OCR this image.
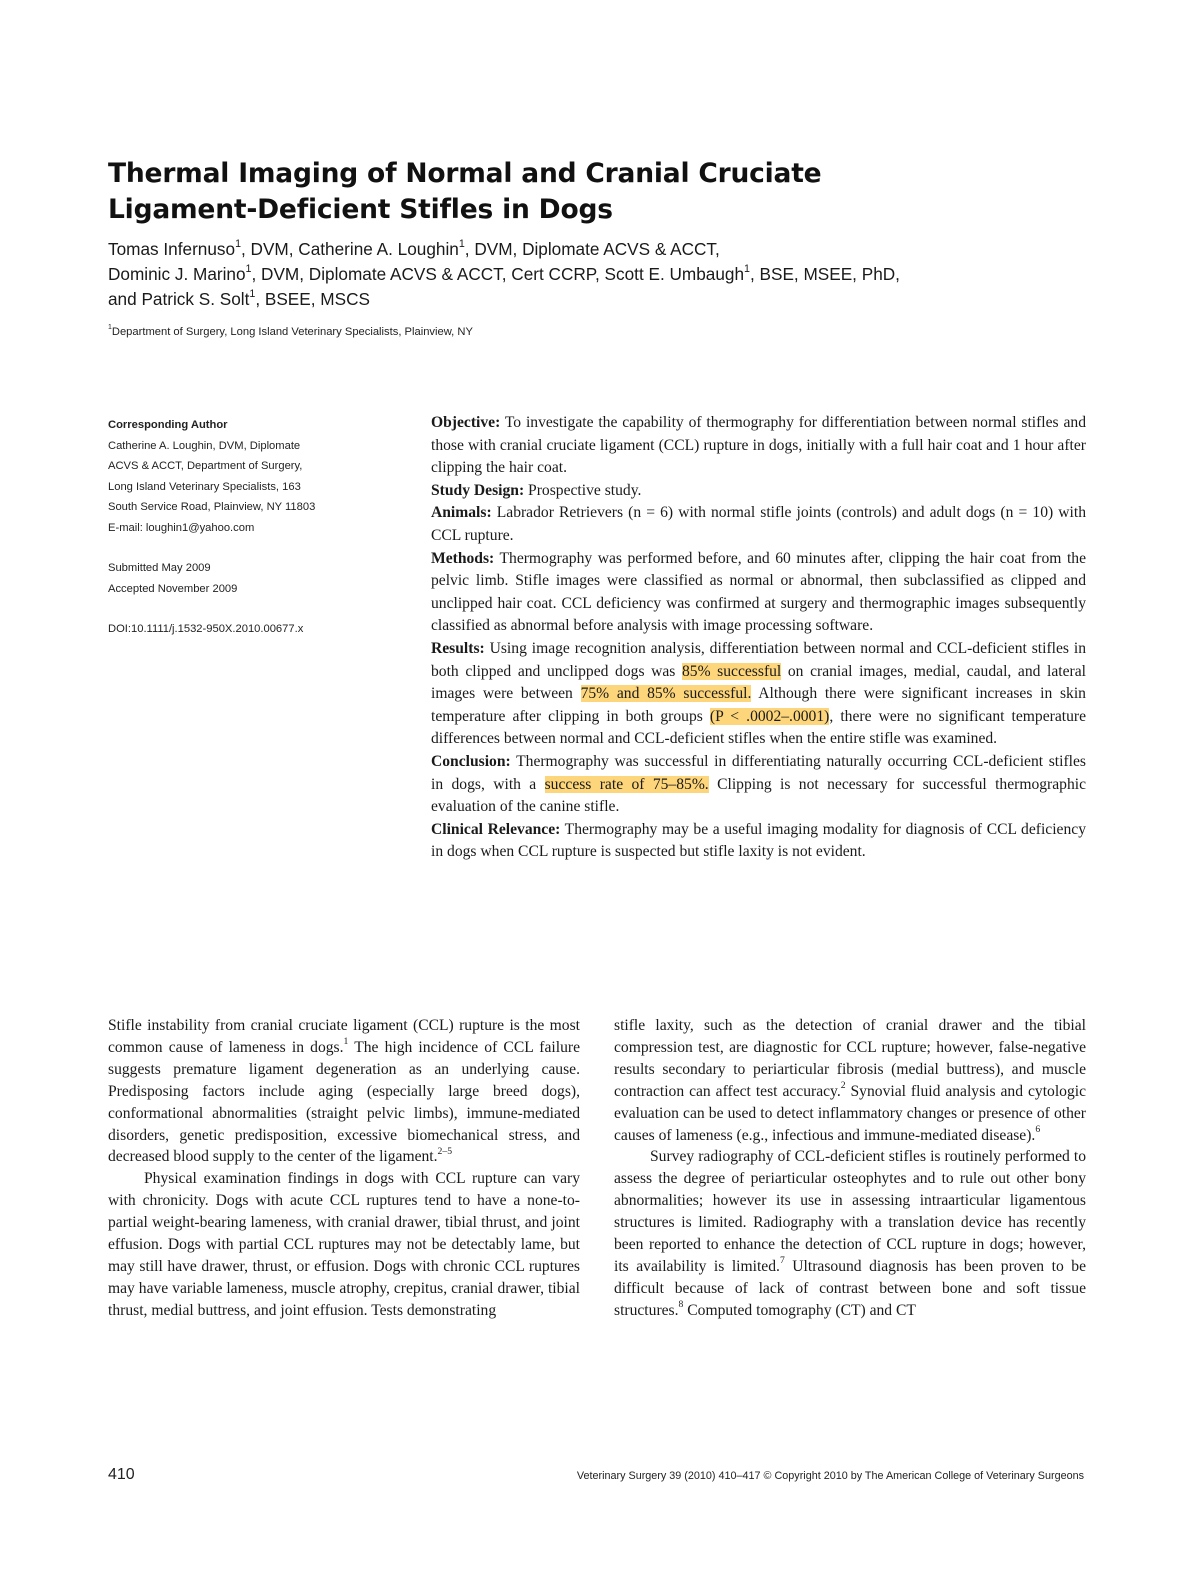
Thermal Imaging of Normal and Cranial Cruciate
Ligament-Deficient Stifles in Dogs
Tomas Infernuso$^1$, DVM, Catherine A. Loughin$^1$, DVM, Diplomate ACVS & ACCT,
Dominic J. Marino$^1$, DVM, Diplomate ACVS & ACCT, Cert CCRP, Scott E. Umbaugh$^1$, BSE, MSEE, PhD,
and Patrick S. Solt$^1$, BSEE, MSCS
$^1$Department of Surgery, Long Island Veterinary Specialists, Plainview, NY
Corresponding Author
Catherine A. Loughin, DVM, Diplomate
ACVS & ACCT, Department of Surgery,
Long Island Veterinary Specialists, 163
South Service Road, Plainview, NY 11803
E-mail: loughin1@yahoo.com
Submitted May 2009
Accepted November 2009
DOI:10.1111/j.1532-950X.2010.00677.x

Objective: To investigate the capability of thermography for differentiation between normal stifles and those with cranial cruciate ligament (CCL) rupture in dogs, initially with a full hair coat and 1 hour after clipping the hair coat.

Study Design: Prospective study.

Animals: Labrador Retrievers (n = 6) with normal stifle joints (controls) and adult dogs (n = 10) with CCL rupture.

Methods: Thermography was performed before, and 60 minutes after, clipping the hair coat from the pelvic limb. Stifle images were classified as normal or abnormal, then subclassified as clipped and unclipped hair coat. CCL deficiency was confirmed at surgery and thermographic images subsequently classified as abnormal before analysis with image processing software.

Results: Using image recognition analysis, differentiation between normal and CCL-deficient stifles in both clipped and unclipped dogs was 85% successful on cranial images, medial, caudal, and lateral images were between 75% and 85% successful. Although there were significant increases in skin temperature after clipping in both groups (P < .0002–.0001), there were no significant temperature differences between normal and CCL-deficient stifles when the entire stifle was examined.

Conclusion: Thermography was successful in differentiating naturally occurring CCL-deficient stifles in dogs, with a success rate of 75–85%. Clipping is not necessary for successful thermographic evaluation of the canine stifle.

Clinical Relevance: Thermography may be a useful imaging modality for diagnosis of CCL deficiency in dogs when CCL rupture is suspected but stifle laxity is not evident.

Stifle instability from cranial cruciate ligament (CCL) rupture is the most common cause of lameness in dogs.$^1$ The high incidence of CCL failure suggests premature ligament degeneration as an underlying cause. Predisposing factors include aging (especially large breed dogs), conformational abnormalities (straight pelvic limbs), immune-mediated disorders, genetic predisposition, excessive biomechanical stress, and decreased blood supply to the center of the ligament.$^{2-5}$

Physical examination findings in dogs with CCL rupture can vary with chronicity. Dogs with acute CCL ruptures tend to have a none-to-partial weight-bearing lameness, with cranial drawer, tibial thrust, and joint effusion. Dogs with partial CCL ruptures may not be detectably lame, but may still have drawer, thrust, or effusion. Dogs with chronic CCL ruptures may have variable lameness, muscle atrophy, crepitus, cranial drawer, tibial thrust, medial buttress, and joint effusion. Tests demonstrating

stifle laxity, such as the detection of cranial drawer and the tibial compression test, are diagnostic for CCL rupture; however, false-negative results secondary to periarticular fibrosis (medial buttress), and muscle contraction can affect test accuracy.$^2$ Synovial fluid analysis and cytologic evaluation can be used to detect inflammatory changes or presence of other causes of lameness (e.g., infectious and immune-mediated disease).$^6$

Survey radiography of CCL-deficient stifles is routinely performed to assess the degree of periarticular osteophytes and to rule out other bony abnormalities; however its use in assessing intraarticular ligamentous structures is limited. Radiography with a translation device has recently been reported to enhance the detection of CCL rupture in dogs; however, its availability is limited.$^7$ Ultrasound diagnosis has been proven to be difficult because of lack of contrast between bone and soft tissue structures.$^8$ Computed tomography (CT) and CT

410	Veterinary Surgery 39 (2010) 410–417 © Copyright 2010 by The American College of Veterinary Surgeons
